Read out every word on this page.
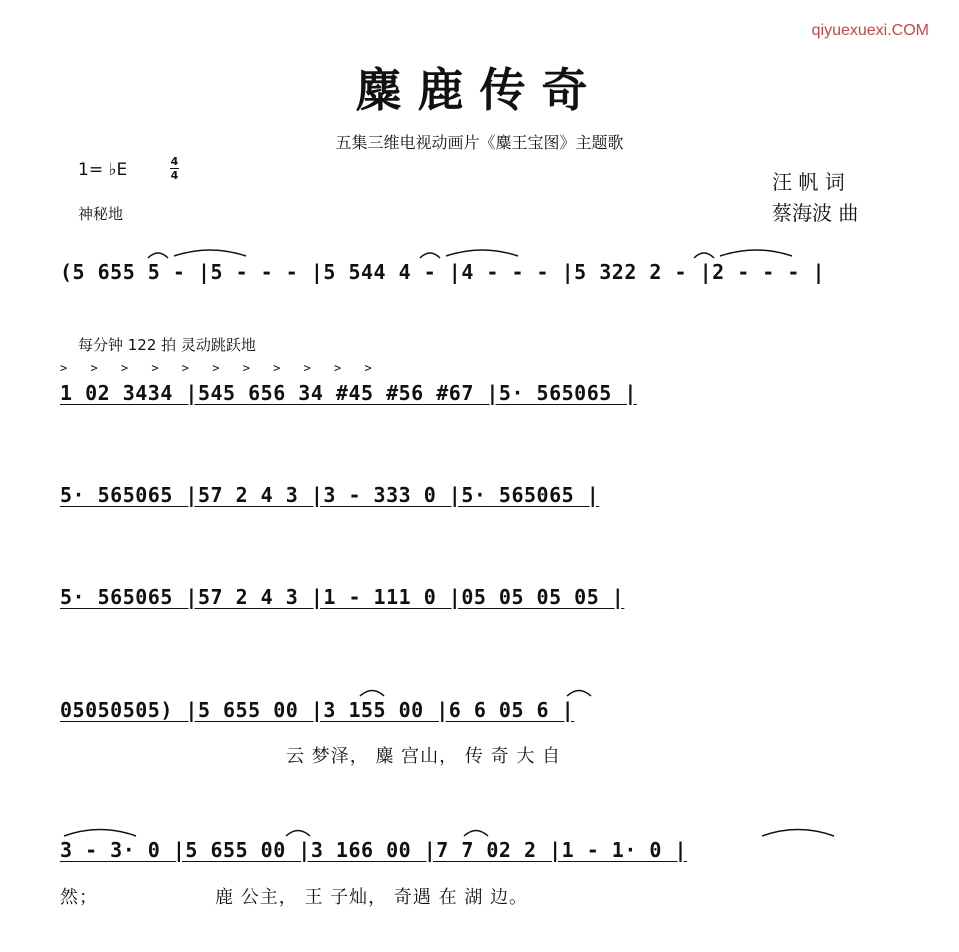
qiyuexuexi.COM
麋鹿传奇
五集三维电视动画片《麋王宝图》主题歌
1= ♭E	4
4
神秘地
汪 帆 词
蔡海波 曲
(5 655 5 - |5 - - - |5 544 4 - |4 - - - |5 322 2 - |2 - - - |
每分钟 122 拍 灵动跳跃地
> > > > > > > > > > >
1 02 3434 |545 656 34 #45 #56 #67 |5· 565065 |
5· 565065 |57 2 4 3 |3 - 333 0 |5· 565065 |
5· 565065 |57 2 4 3 |1 - 111 0 |05 05 05 05 |
05050505) |5 655 00 |3 155 00 |6 6 05 6 |
云 梦泽， 麋 宫山， 传 奇 大 自
3 - 3· 0 |5 655 00 |3 166 00 |7 7 02 2 |1 - 1· 0 |
然；	鹿 公主， 王 子灿， 奇遇 在 湖 边。
